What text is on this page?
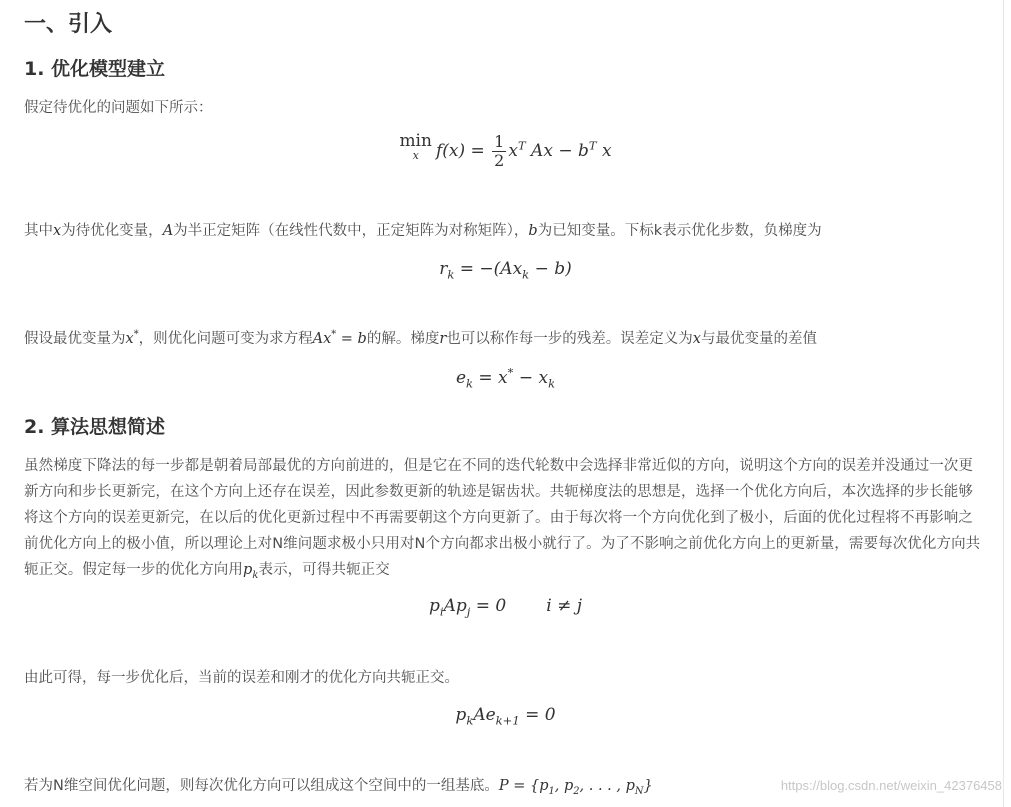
一、引入
1. 优化模型建立

假定待优化的问题如下所示：

min
x	$f(x) = \frac{1}{2} x^T$ $Ax - b^T$ x

其中x为待优化变量，A为半正定矩阵（在线性代数中，正定矩阵为对称矩阵），b为已知变量。下标k表示优化步数，负梯度为

$r_k = -(Ax_k - b)$

假设最优变量为x*，则优化问题可变为求方程Ax* = b的解。梯度r也可以称作每一步的残差。误差定义为x与最优变量的差值

$e_k = x^* - x_k$
2. 算法思想简述

虽然梯度下降法的每一步都是朝着局部最优的方向前进的，但是它在不同的迭代轮数中会选择非常近似的方向，说明这个方向的误差并没通过一次更新方向和步长更新完，在这个方向上还存在误差，因此参数更新的轨迹是锯齿状。共轭梯度法的思想是，选择一个优化方向后，本次选择的步长能够将这个方向的误差更新完，在以后的优化更新过程中不再需要朝这个方向更新了。由于每次将一个方向优化到了极小，后面的优化过程将不再影响之前优化方向上的极小值，所以理论上对N维问题求极小只用对N个方向都求出极小就行了。为了不影响之前优化方向上的更新量，需要每次优化方向共轭正交。假定每一步的优化方向用$p_k$表示，可得共轭正交

$p_iAp_j = 0$ i ≠ j

由此可得，每一步优化后，当前的误差和刚才的优化方向共轭正交。

$p_kAe_{k+1} = 0$

若为N维空间优化问题，则每次优化方向可以组成这个空间中的一组基底。$P = \{p_1$, $p_2$, . . . , $p_N$}	https://blog.csdn.net/weixin_42376458
